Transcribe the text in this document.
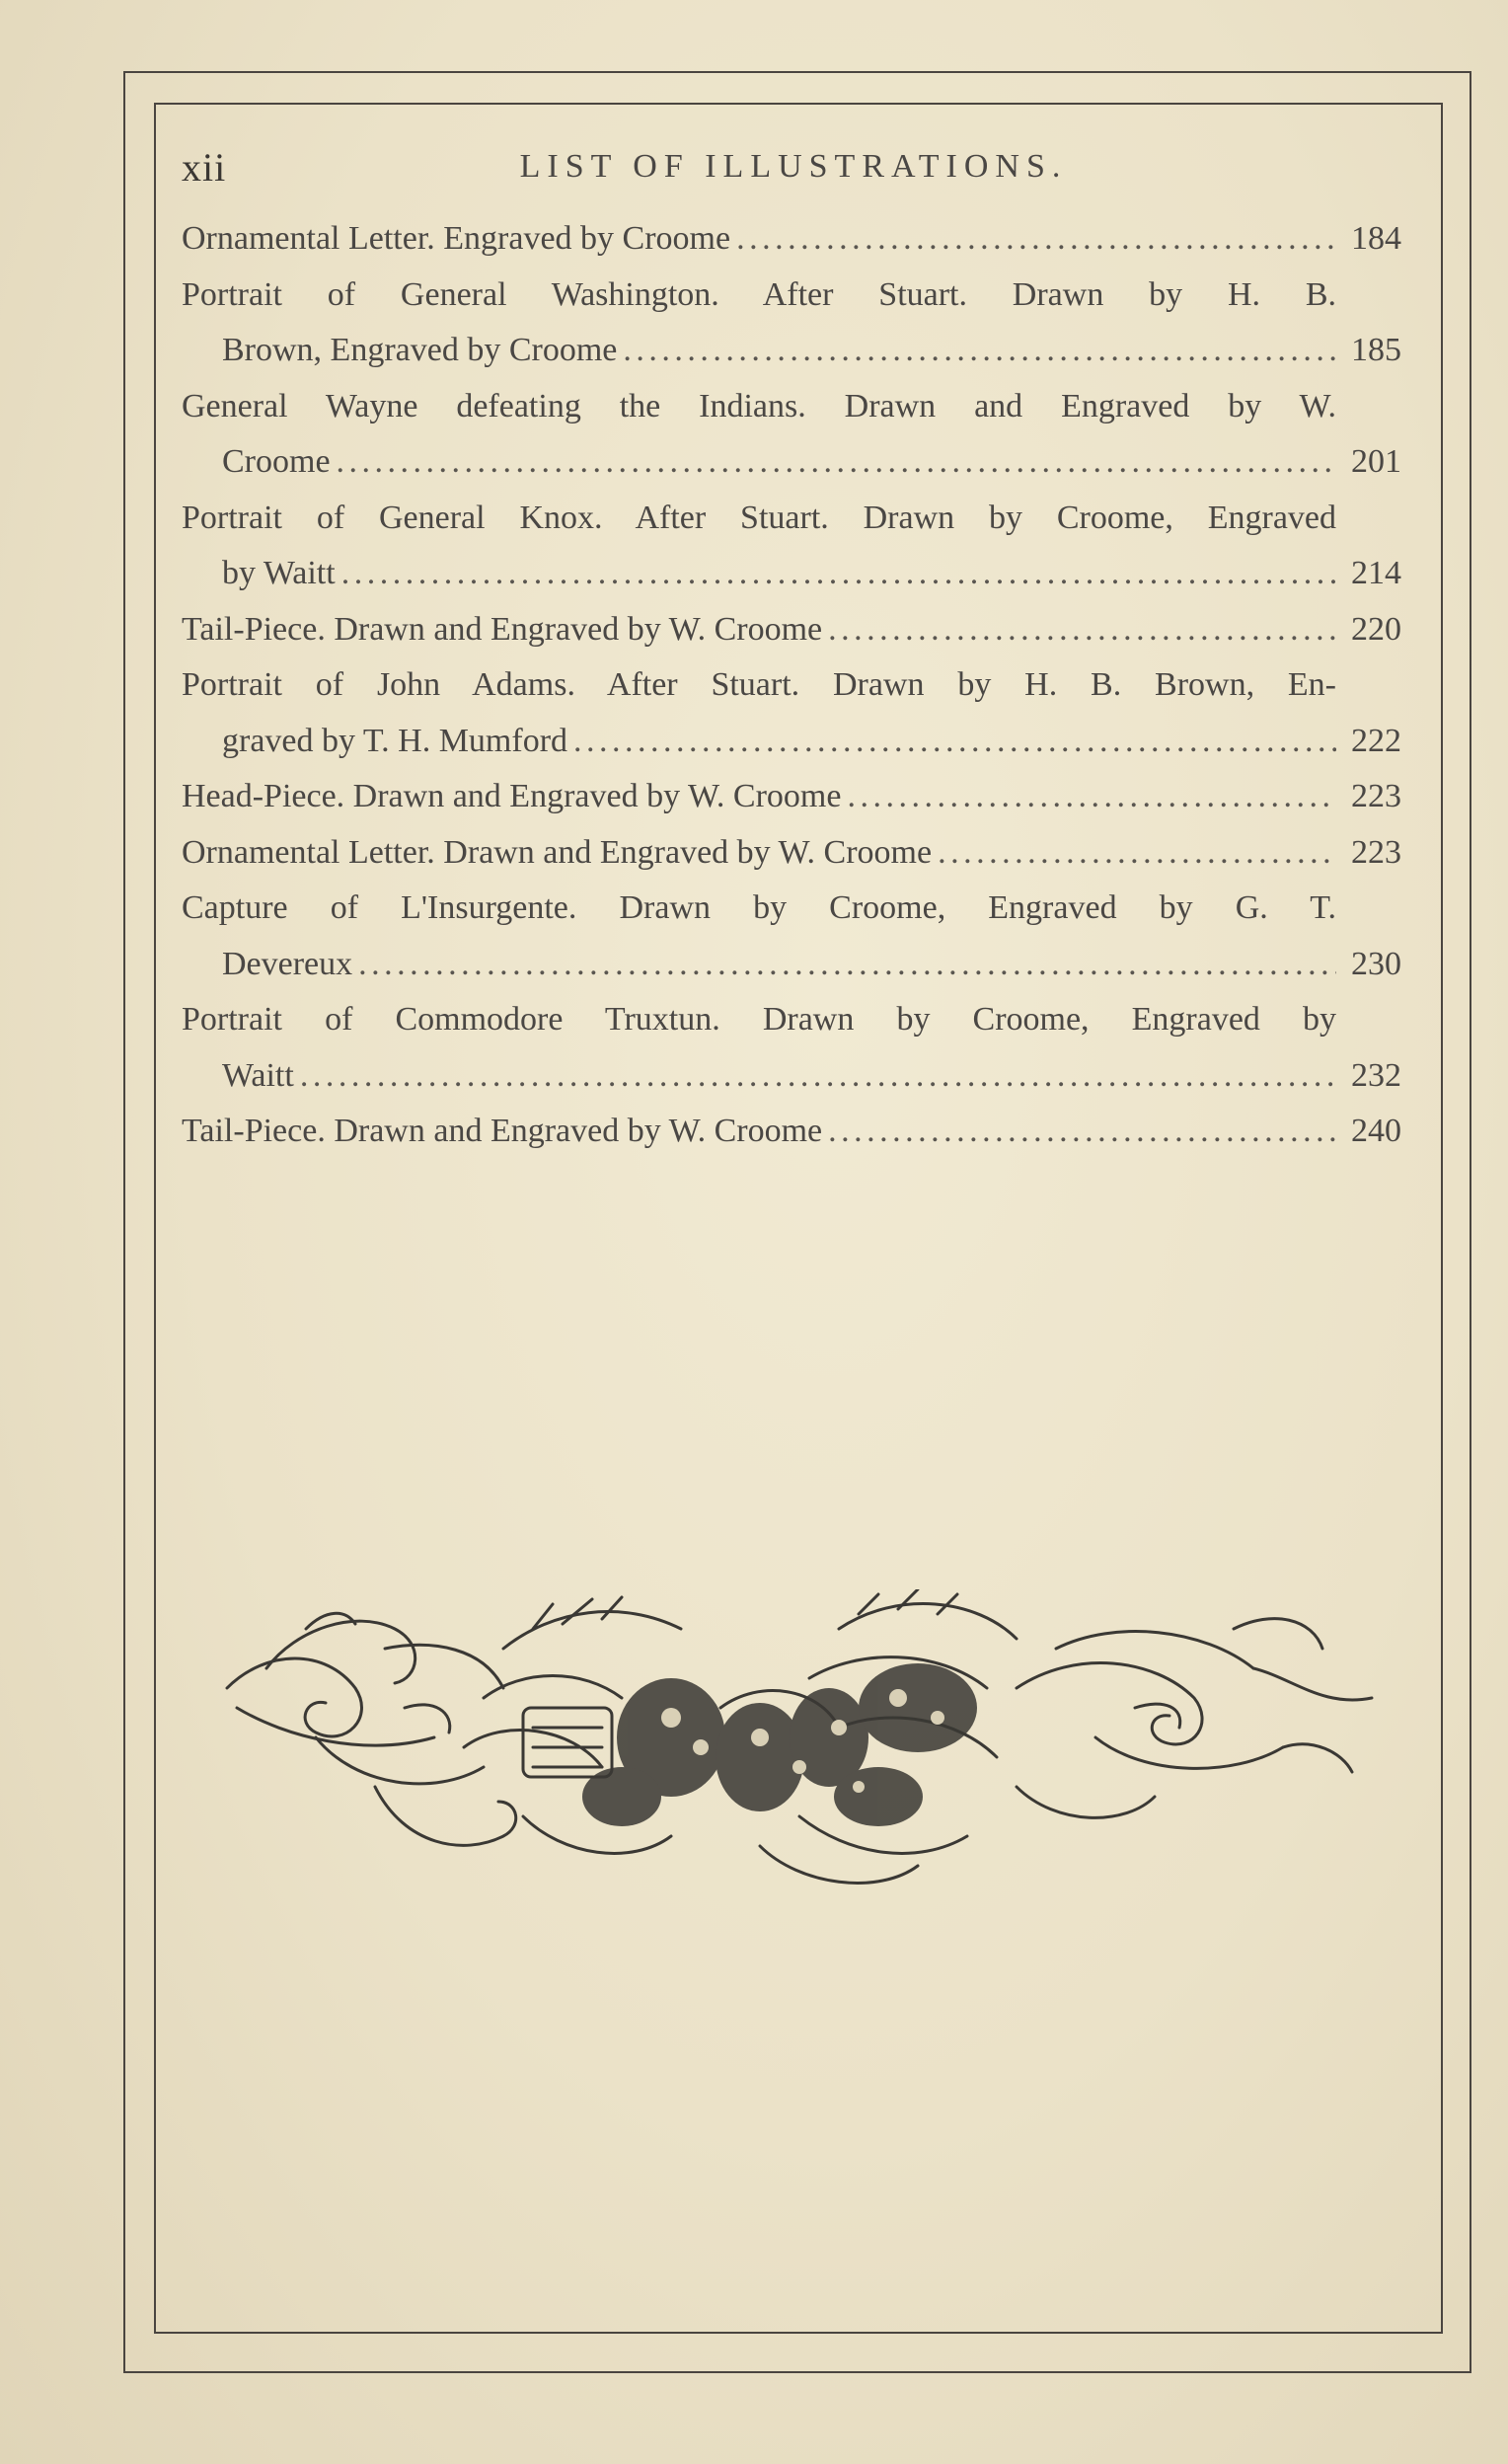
xii	LIST OF ILLUSTRATIONS.
Ornamental Letter. Engraved by Croome . . .	184
Portrait of General Washington. After Stuart. Drawn by H. B.
Brown, Engraved by Croome . . .	185
General Wayne defeating the Indians. Drawn and Engraved by W.
Croome . . .	201
Portrait of General Knox. After Stuart. Drawn by Croome, Engraved
by Waitt . . .	214
Tail-Piece. Drawn and Engraved by W. Croome . . .	220
Portrait of John Adams. After Stuart. Drawn by H. B. Brown, En-
graved by T. H. Mumford . . .	222
Head-Piece. Drawn and Engraved by W. Croome . . .	223
Ornamental Letter. Drawn and Engraved by W. Croome . . .	223
Capture of L'Insurgente. Drawn by Croome, Engraved by G. T.
Devereux . . .	230
Portrait of Commodore Truxtun. Drawn by Croome, Engraved by
Waitt . . .	232
Tail-Piece. Drawn and Engraved by W. Croome . . .	240
